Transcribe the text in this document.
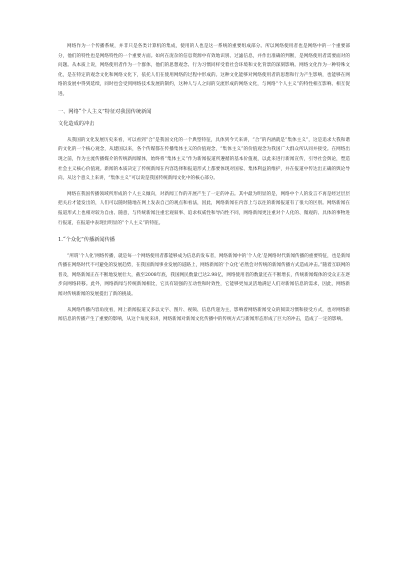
网络作为一个传播系统，并非只是各类计算机的集成，使用的人也是这一系统的重要组成部分。所以网络使用者也是网络中的一个重要部分，他们的特性也是网络特性的一个重要方面。如何在庞杂的信息资源中有效地识别、过滤信息，并作出准确的判断，是网络使用者需要面对的问题。从本质上说，网络使用者作为一个群体，他们的思想观念、行为习惯同样受着社会环境和文化背景的深刻影响。网络文化作为一种特殊文化，是在特定的观念文化和网络文化下，依托人们在使用网络的过程中形成的。这种文化能够对网络使用者的思想和行为产生影响，也能够在网络的发展中得到延续，同时也会受到网络技术发展的制约，这种人与人之间的交流形成的网络文化，与网络“个人主义”的特性相互影响、相互促进。

一、网络“个人主义”特征对我国传统新闻

文化造成的冲击

从我国的文化发展历史来看，可以看到“合”是我国文化的一个典型特征，具体到今天来讲，“合”的内涵就是“集体主义”，这是追求大我和谐的文化的一个核心观念，从建国以来，各个传媒都在传播集体主义的价值观念，“集体主义”的价值观念为我国广大群众所认同并接受。在网络出现之前，作为主流传播媒介的传统新闻媒体，始终将“集体主义”作为新闻报道所遵循的基本价值观，以此来进行新闻宣传，引导社会舆论，塑造社会主义核心价值观。新闻的本质决定了传统新闻在内容选择和报道形式上都要体现对国家、集体利益的维护，并在报道中传达出正确的舆论导向。从这个意义上来讲，“集体主义”可以说是我国传统新闻文化中的核心部分。

网络在我国传播领域所形成的个人主义倾向，对新闻工作的开展产生了一定的冲击。其中最为明显的是，网络中个人的发言不再是经过层层把关后才能发出的，人们可以随时随地在网上发表自己的观点和看法，因此，网络新闻在内容上与以往的新闻报道有了很大的区别。网络新闻在报道形式上也相对较为自由、随意，与传统新闻注重宏观叙事、追求权威性和导向性不同，网络新闻更注重对个人化的、微观的、具体的事物进行报道，在报道中表现出明显的“个人主义”的特征。

1.“个众化”传播新闻传播

“所谓‘个人化’网络传播，就是每一个网络使用者都能够成为信息的发布者，网络新闻中的‘个人化’是网络时代新闻传播的重要特征，也是新闻传播在网络时代不可避免的发展趋势，在我国新闻事业发展的道路上，网络新闻的‘个众化’必然会对传统的新闻传播方式造成冲击。”随着互联网的普及，网络新闻正在不断地发展壮大，截至2008年底，我国网民数量已达2.98亿，网络使用者的数量还在不断增长，传统新闻媒体的受众正在逐步向网络转移。此外，网络新闻与传统新闻相比，它具有较强的互动性和时效性，它能够更加灵活地满足人们对新闻信息的需求，因此，网络新闻对传统新闻的发展提出了新的挑战。

从网络传播内容角度看，网上新闻报道又多以文字、图片、视频、信息传递为主，影响着网络新闻受众的阅读习惯和接受方式，也对网络新闻信息的传播产生了重要的影响，从这个角度来讲，网络新闻对新闻文化传播中的传统方式与新闻形态形成了巨大的冲击，造成了一定的影响。
